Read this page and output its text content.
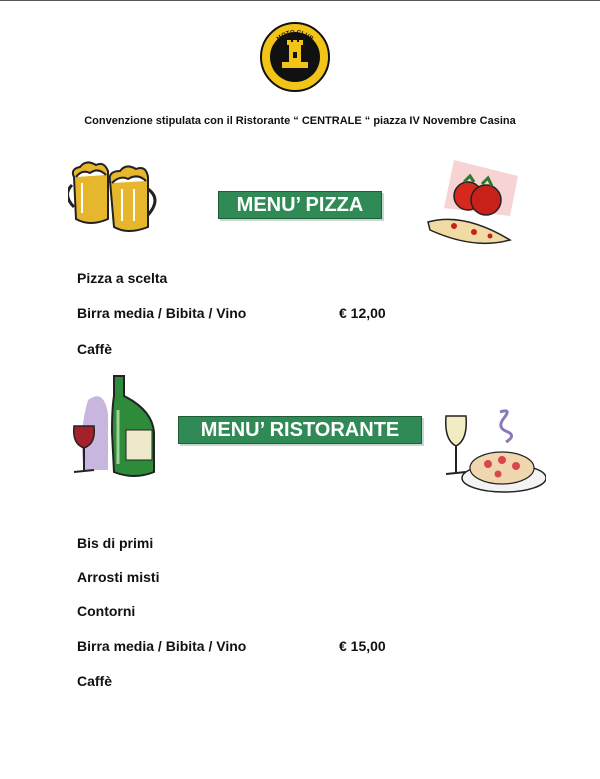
MOTO CLUB
WWW.TINGAVERT.IT
Convenzione stipulata con il Ristorante “ CENTRALE “ piazza IV Novembre Casina
MENU’ PIZZA
Pizza a scelta
Birra media / Bibita / Vino	€ 12,00
Caffè
MENU’ RISTORANTE
Bis di primi
Arrosti misti
Contorni
Birra media / Bibita / Vino	€ 15,00
Caffè
